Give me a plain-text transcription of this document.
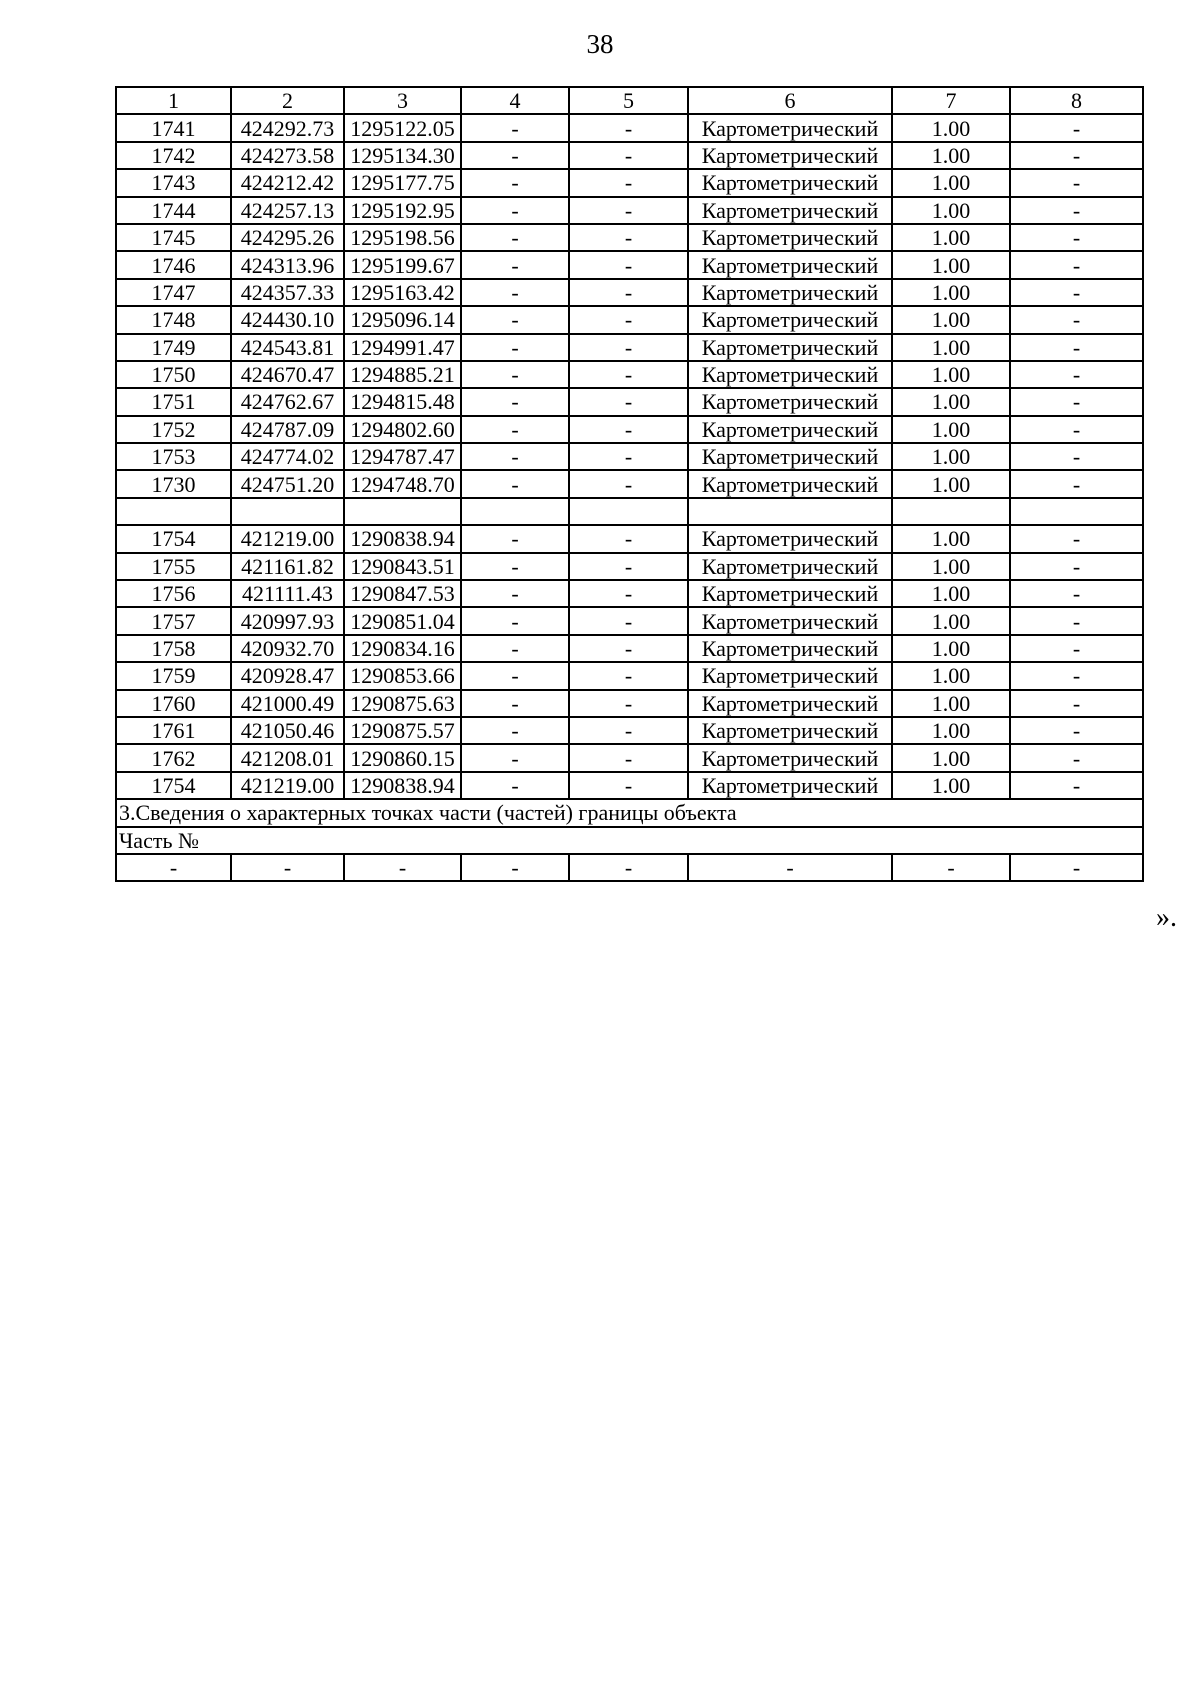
38
1	2	3	4	5	6	7	8
1741	424292.73	1295122.05	-	-	Картометрический	1.00	-
1742	424273.58	1295134.30	-	-	Картометрический	1.00	-
1743	424212.42	1295177.75	-	-	Картометрический	1.00	-
1744	424257.13	1295192.95	-	-	Картометрический	1.00	-
1745	424295.26	1295198.56	-	-	Картометрический	1.00	-
1746	424313.96	1295199.67	-	-	Картометрический	1.00	-
1747	424357.33	1295163.42	-	-	Картометрический	1.00	-
1748	424430.10	1295096.14	-	-	Картометрический	1.00	-
1749	424543.81	1294991.47	-	-	Картометрический	1.00	-
1750	424670.47	1294885.21	-	-	Картометрический	1.00	-
1751	424762.67	1294815.48	-	-	Картометрический	1.00	-
1752	424787.09	1294802.60	-	-	Картометрический	1.00	-
1753	424774.02	1294787.47	-	-	Картометрический	1.00	-
1730	424751.20	1294748.70	-	-	Картометрический	1.00	-

1754	421219.00	1290838.94	-	-	Картометрический	1.00	-
1755	421161.82	1290843.51	-	-	Картометрический	1.00	-
1756	421111.43	1290847.53	-	-	Картометрический	1.00	-
1757	420997.93	1290851.04	-	-	Картометрический	1.00	-
1758	420932.70	1290834.16	-	-	Картометрический	1.00	-
1759	420928.47	1290853.66	-	-	Картометрический	1.00	-
1760	421000.49	1290875.63	-	-	Картометрический	1.00	-
1761	421050.46	1290875.57	-	-	Картометрический	1.00	-
1762	421208.01	1290860.15	-	-	Картометрический	1.00	-
1754	421219.00	1290838.94	-	-	Картометрический	1.00	-
3.Сведения о характерных точках части (частей) границы объекта							
Часть №							
-	-	-	-	-	-	-	-
».
